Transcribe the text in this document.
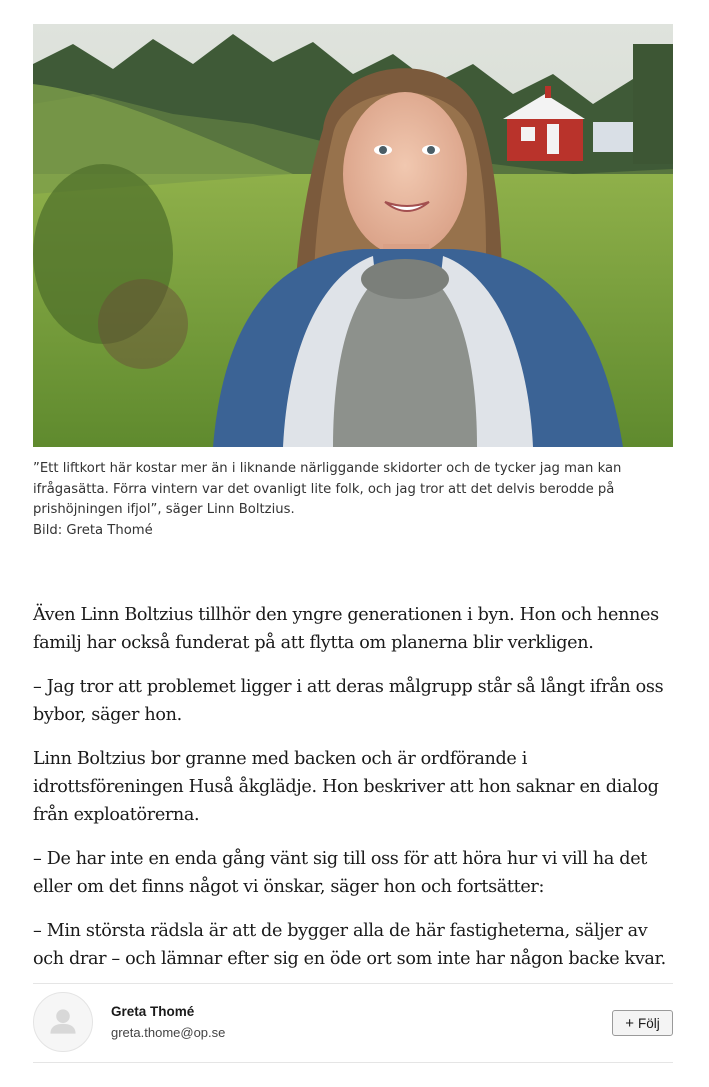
”Ett liftkort här kostar mer än i liknande närliggande skidorter och de tycker jag man kan ifrågasätta. Förra vintern var det ovanligt lite folk, och jag tror att det delvis berodde på prishöjningen ifjol”, säger Linn Boltzius.

Bild: Greta Thomé

Även Linn Boltzius tillhör den yngre generationen i byn. Hon och hennes familj har också funderat på att flytta om planerna blir verkligen.

– Jag tror att problemet ligger i att deras målgrupp står så långt ifrån oss bybor, säger hon.

Linn Boltzius bor granne med backen och är ordförande i idrottsföreningen Huså åkglädje. Hon beskriver att hon saknar en dialog från exploatörerna.

– De har inte en enda gång vänt sig till oss för att höra hur vi vill ha det eller om det finns något vi önskar, säger hon och fortsätter:

– Min största rädsla är att de bygger alla de här fastigheterna, säljer av och drar – och lämnar efter sig en öde ort som inte har någon backe kvar.

Greta Thomé
greta.thome@op.se
+ Följ
